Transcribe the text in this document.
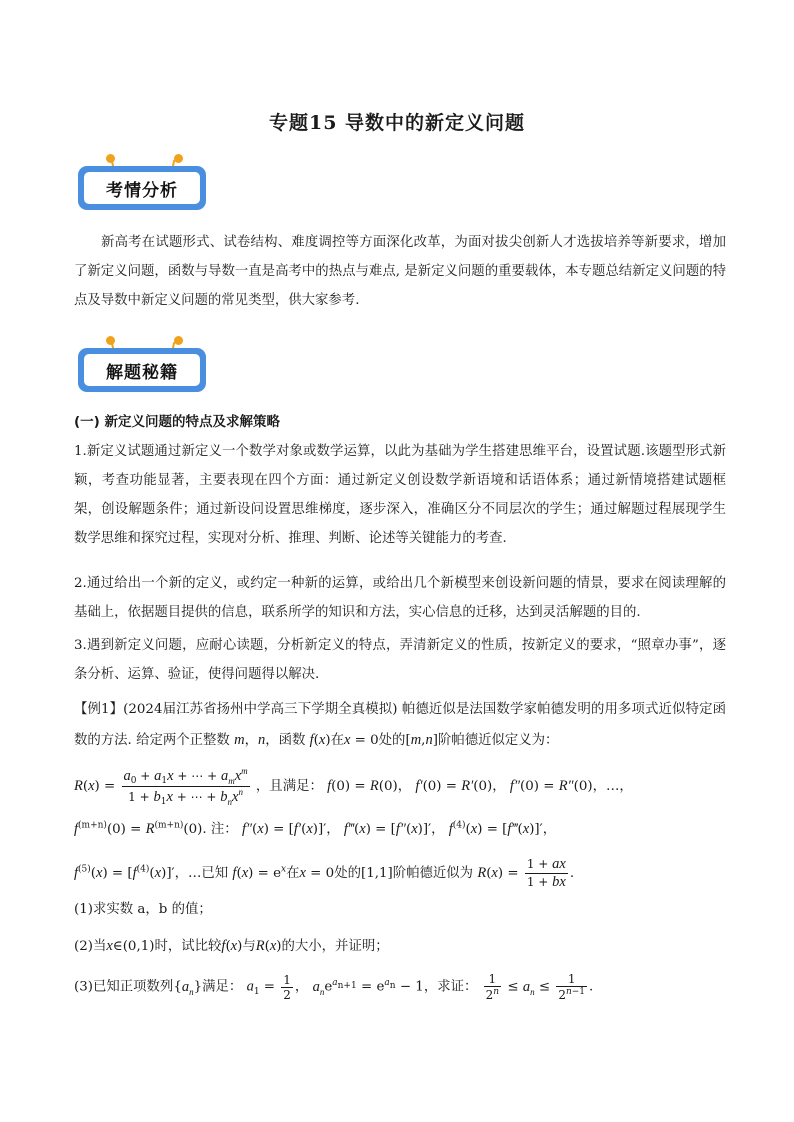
专题15 导数中的新定义问题
考情分析
新高考在试题形式、试卷结构、难度调控等方面深化改革，为面对拔尖创新人才选拔培养等新要求，增加了新定义问题，函数与导数一直是高考中的热点与难点, 是新定义问题的重要载体，本专题总结新定义问题的特点及导数中新定义问题的常见类型，供大家参考.
解题秘籍
(一) 新定义问题的特点及求解策略
1.新定义试题通过新定义一个数学对象或数学运算，以此为基础为学生搭建思维平台，设置试题.该题型形式新颖，考查功能显著，主要表现在四个方面：通过新定义创设数学新语境和话语体系；通过新情境搭建试题框架，创设解题条件；通过新设问设置思维梯度，逐步深入，准确区分不同层次的学生；通过解题过程展现学生数学思维和探究过程，实现对分析、推理、判断、论述等关键能力的考查.
2.通过给出一个新的定义，或约定一种新的运算，或给出几个新模型来创设新问题的情景，要求在阅读理解的基础上，依据题目提供的信息，联系所学的知识和方法，实心信息的迁移，达到灵活解题的目的.
3.遇到新定义问题，应耐心读题，分析新定义的特点，弄清新定义的性质，按新定义的要求，“照章办事”，逐条分析、运算、验证，使得问题得以解决.
【例1】(2024届江苏省扬州中学高三下学期全真模拟) 帕德近似是法国数学家帕德发明的用多项式近似特定函数的方法. 给定两个正整数 m，n，函数 f(x)在x = 0处的[m,n]阶帕德近似定义为：
$R(x) = \frac{a_0 + a_1x + \cdots + a_mx^m}{1 + b_1x + \cdots + b_nx^n}$ ，且满足： f(0) = R(0)， f′(0) = R′(0)， f″(0) = R″(0)，…，
$f^{(m+n)}(0) = R^{(m+n)}(0)$. 注： f″(x) = [f′(x)]′， f‴(x) = [f″(x)]′， $f^{(4)}(x)$ = [f‴(x)]′，
$f^{(5)}(x) = [f^{(4)}(x)]'$，…已知 $f(x) = e^x$在x = 0处的[1,1]阶帕德近似为 $R(x) = \frac{1 + ax}{1 + bx}$ .
(1)求实数 a，b 的值；
(2)当x∈(0,1)时，试比较f(x)与R(x)的大小，并证明；
(3)已知正项数列$\{a_n\}$满足： $a_1 = \frac{1}{2}$ ， $a_ne^{a_{n+1}} = e^{a_n} - 1$，求证： $\frac{1}{2^n} \le a_n \le \frac{1}{2^{n-1}}$ .
